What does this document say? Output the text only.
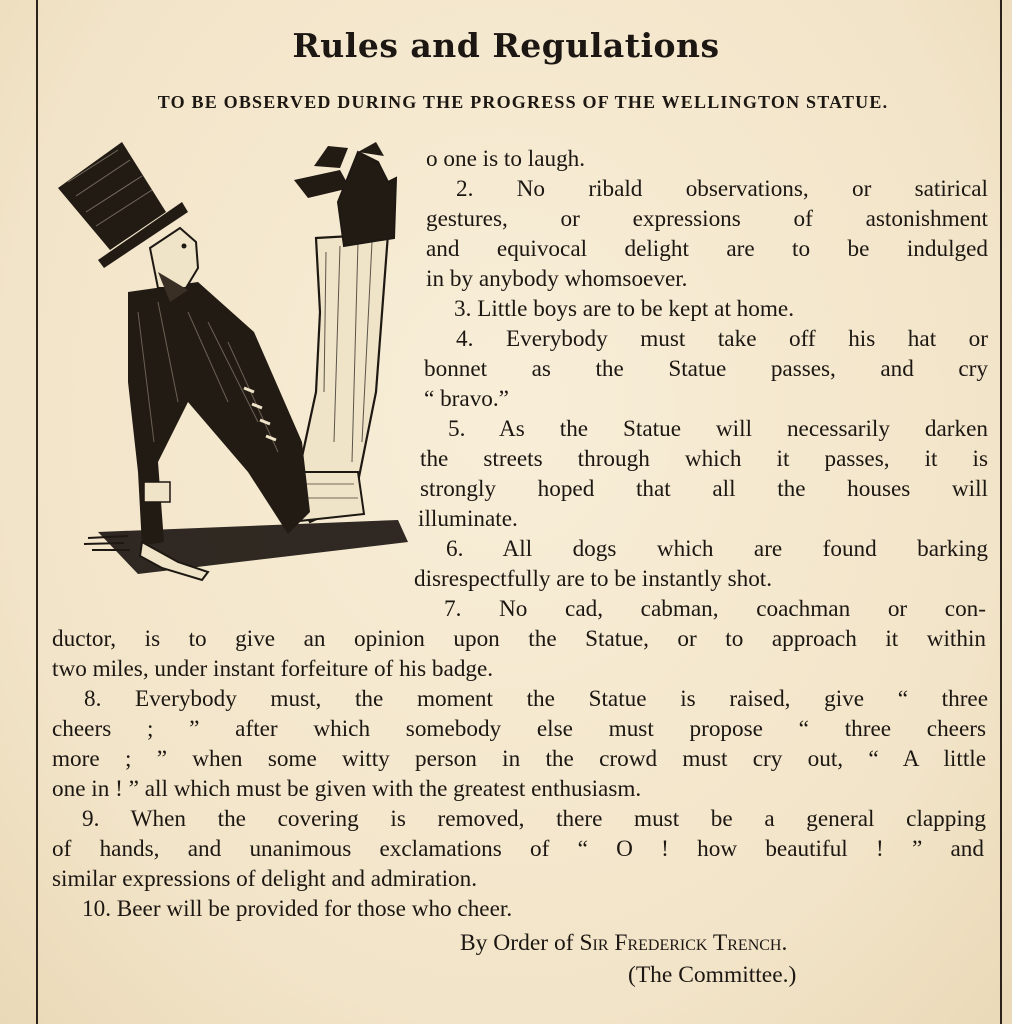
Rules and Regulations
TO BE OBSERVED DURING THE PROGRESS OF THE WELLINGTON STATUE.
o one is to laugh.
2. No ribald observations, or satirical
gestures, or expressions of astonishment
and equivocal delight are to be indulged
in by anybody whomsoever.
3. Little boys are to be kept at home.
4. Everybody must take off his hat or
bonnet as the Statue passes, and cry
“ bravo.”
5. As the Statue will necessarily darken
the streets through which it passes, it is
strongly hoped that all the houses will
illuminate.
6. All dogs which are found barking
disrespectfully are to be instantly shot.
7. No cad, cabman, coachman or con-
ductor, is to give an opinion upon the Statue, or to approach it within
two miles, under instant forfeiture of his badge.
8. Everybody must, the moment the Statue is raised, give “ three
cheers ; ” after which somebody else must propose “ three cheers
more ; ” when some witty person in the crowd must cry out, “ A little
one in ! ” all which must be given with the greatest enthusiasm.
9. When the covering is removed, there must be a general clapping
of hands, and unanimous exclamations of “ O ! how beautiful ! ” and
similar expressions of delight and admiration.
10. Beer will be provided for those who cheer.
By Order of Sir Frederick Trench.
(The Committee.)
